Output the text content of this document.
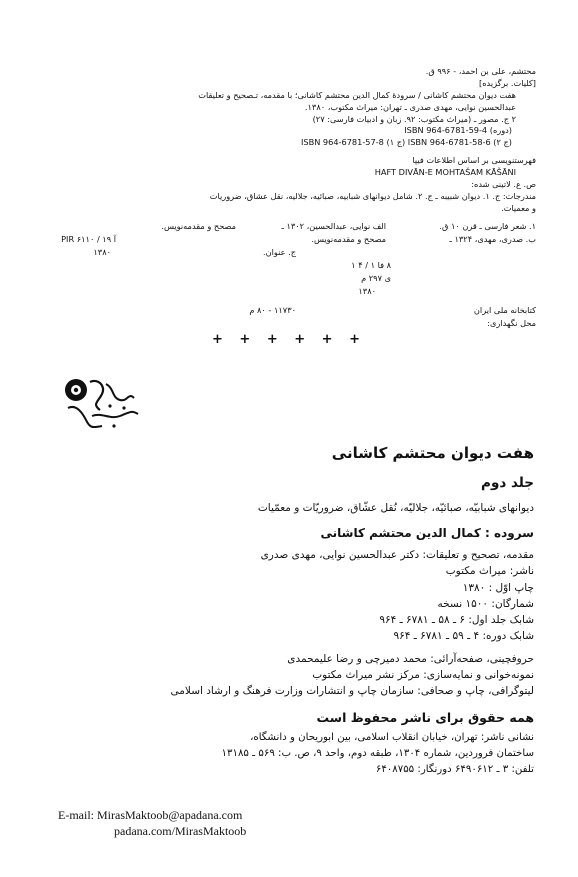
محتشم، علی بن احمد، - ۹۹۶ ق.
[کلیات. برگزیده]
هفت دیوان محتشم کاشانی / سرودهٔ کمال الدین محتشم کاشانی؛ با مقدمه، تـصحیح و تعلیقات
عبدالحسین نوایی، مهدی صدری ـ تهران: میراث مکتوب، ۱۳۸۰.
۲ ج. مصور ـ (میراث مکتوب: ۹۲. زبان و ادبیات فارسی: ۲۷)
ISBN 964-6781-59-4 (دوره)
ISBN 964-6781-57-8 (ج ۱) ISBN 964-6781-58-6 (ج ۲)
فهرستنویسی بر اساس اطلاعات فیپا
HAFT DIVĀN-E MOHTAŠAM KĀŠĀNI
ص. ع. لاتینی شده:
مندرجات: ج. ۱. دیوان شبیبه ـ ج. ۲. شامل دیوانهای شبابیه، صبائیه، جلالیه، نقل عشاق، ضروریات
و معمیات.
۱. شعر فارسی ـ قرن ۱۰ ق.
الف نوایی، عبدالحسین، ۱۳۰۲ ـ
مصحح و مقدمه‌نویس.
ب. صدری، مهدی، ۱۳۲۴ ـ
مصحح و مقدمه‌نویس.
PIR ۶۱۱۰ / ۱۹ آ
ج. عنوان.
۱۳۸۰
۸ فا ۱ / ۴ ۱
ی ۲۹۷ م
۱۳۸۰
کتابخانه ملی ایران
۱۱۷۳۰ - ۸۰ م
محل نگهداری:
+ + + + + +
هفت دیوان محتشم کاشانی
جلد دوم
دیوانهای شبابیّه، صبائیّه، جلالیّه، نُقل عشّاق، ضروریّات و معمّیات
سروده : کمال الدین محتشم کاشانی
مقدمه، تصحیح و تعلیقات: دکتر عبدالحسین نوایی، مهدی صدری
ناشر: میراث مکتوب
چاپ اوّل : ۱۳۸۰
شمارگان: ۱۵۰۰ نسخه
شابک جلد اول: ۶ ـ ۵۸ ـ ۶۷۸۱ ـ ۹۶۴
شابک دوره: ۴ ـ ۵۹ ـ ۶۷۸۱ ـ ۹۶۴
حروفچینی، صفحه‌آرائی: محمد دمیرچی و رضا علیمحمدی
نمونه‌خوانی و نمایه‌سازی: مرکز نشر میراث مکتوب
لیتوگرافی، چاپ و صحافی: سازمان چاپ و انتشارات وزارت فرهنگ و ارشاد اسلامی
همه حقوق برای ناشر محفوظ است
نشانی ناشر: تهران، خیابان انقلاب اسلامی، بین ابوریحان و دانشگاه،
ساختمان فروردین، شماره ۱۳۰۴، طبقه دوم، واحد ۹، ص. ب: ۵۶۹ ـ ۱۳۱۸۵
تلفن: ۳ ـ ۶۴۹۰۶۱۲ دورنگار: ۶۴۰۸۷۵۵
E-mail: MirasMaktoob@apadana.com
padana.com/MirasMaktoob
